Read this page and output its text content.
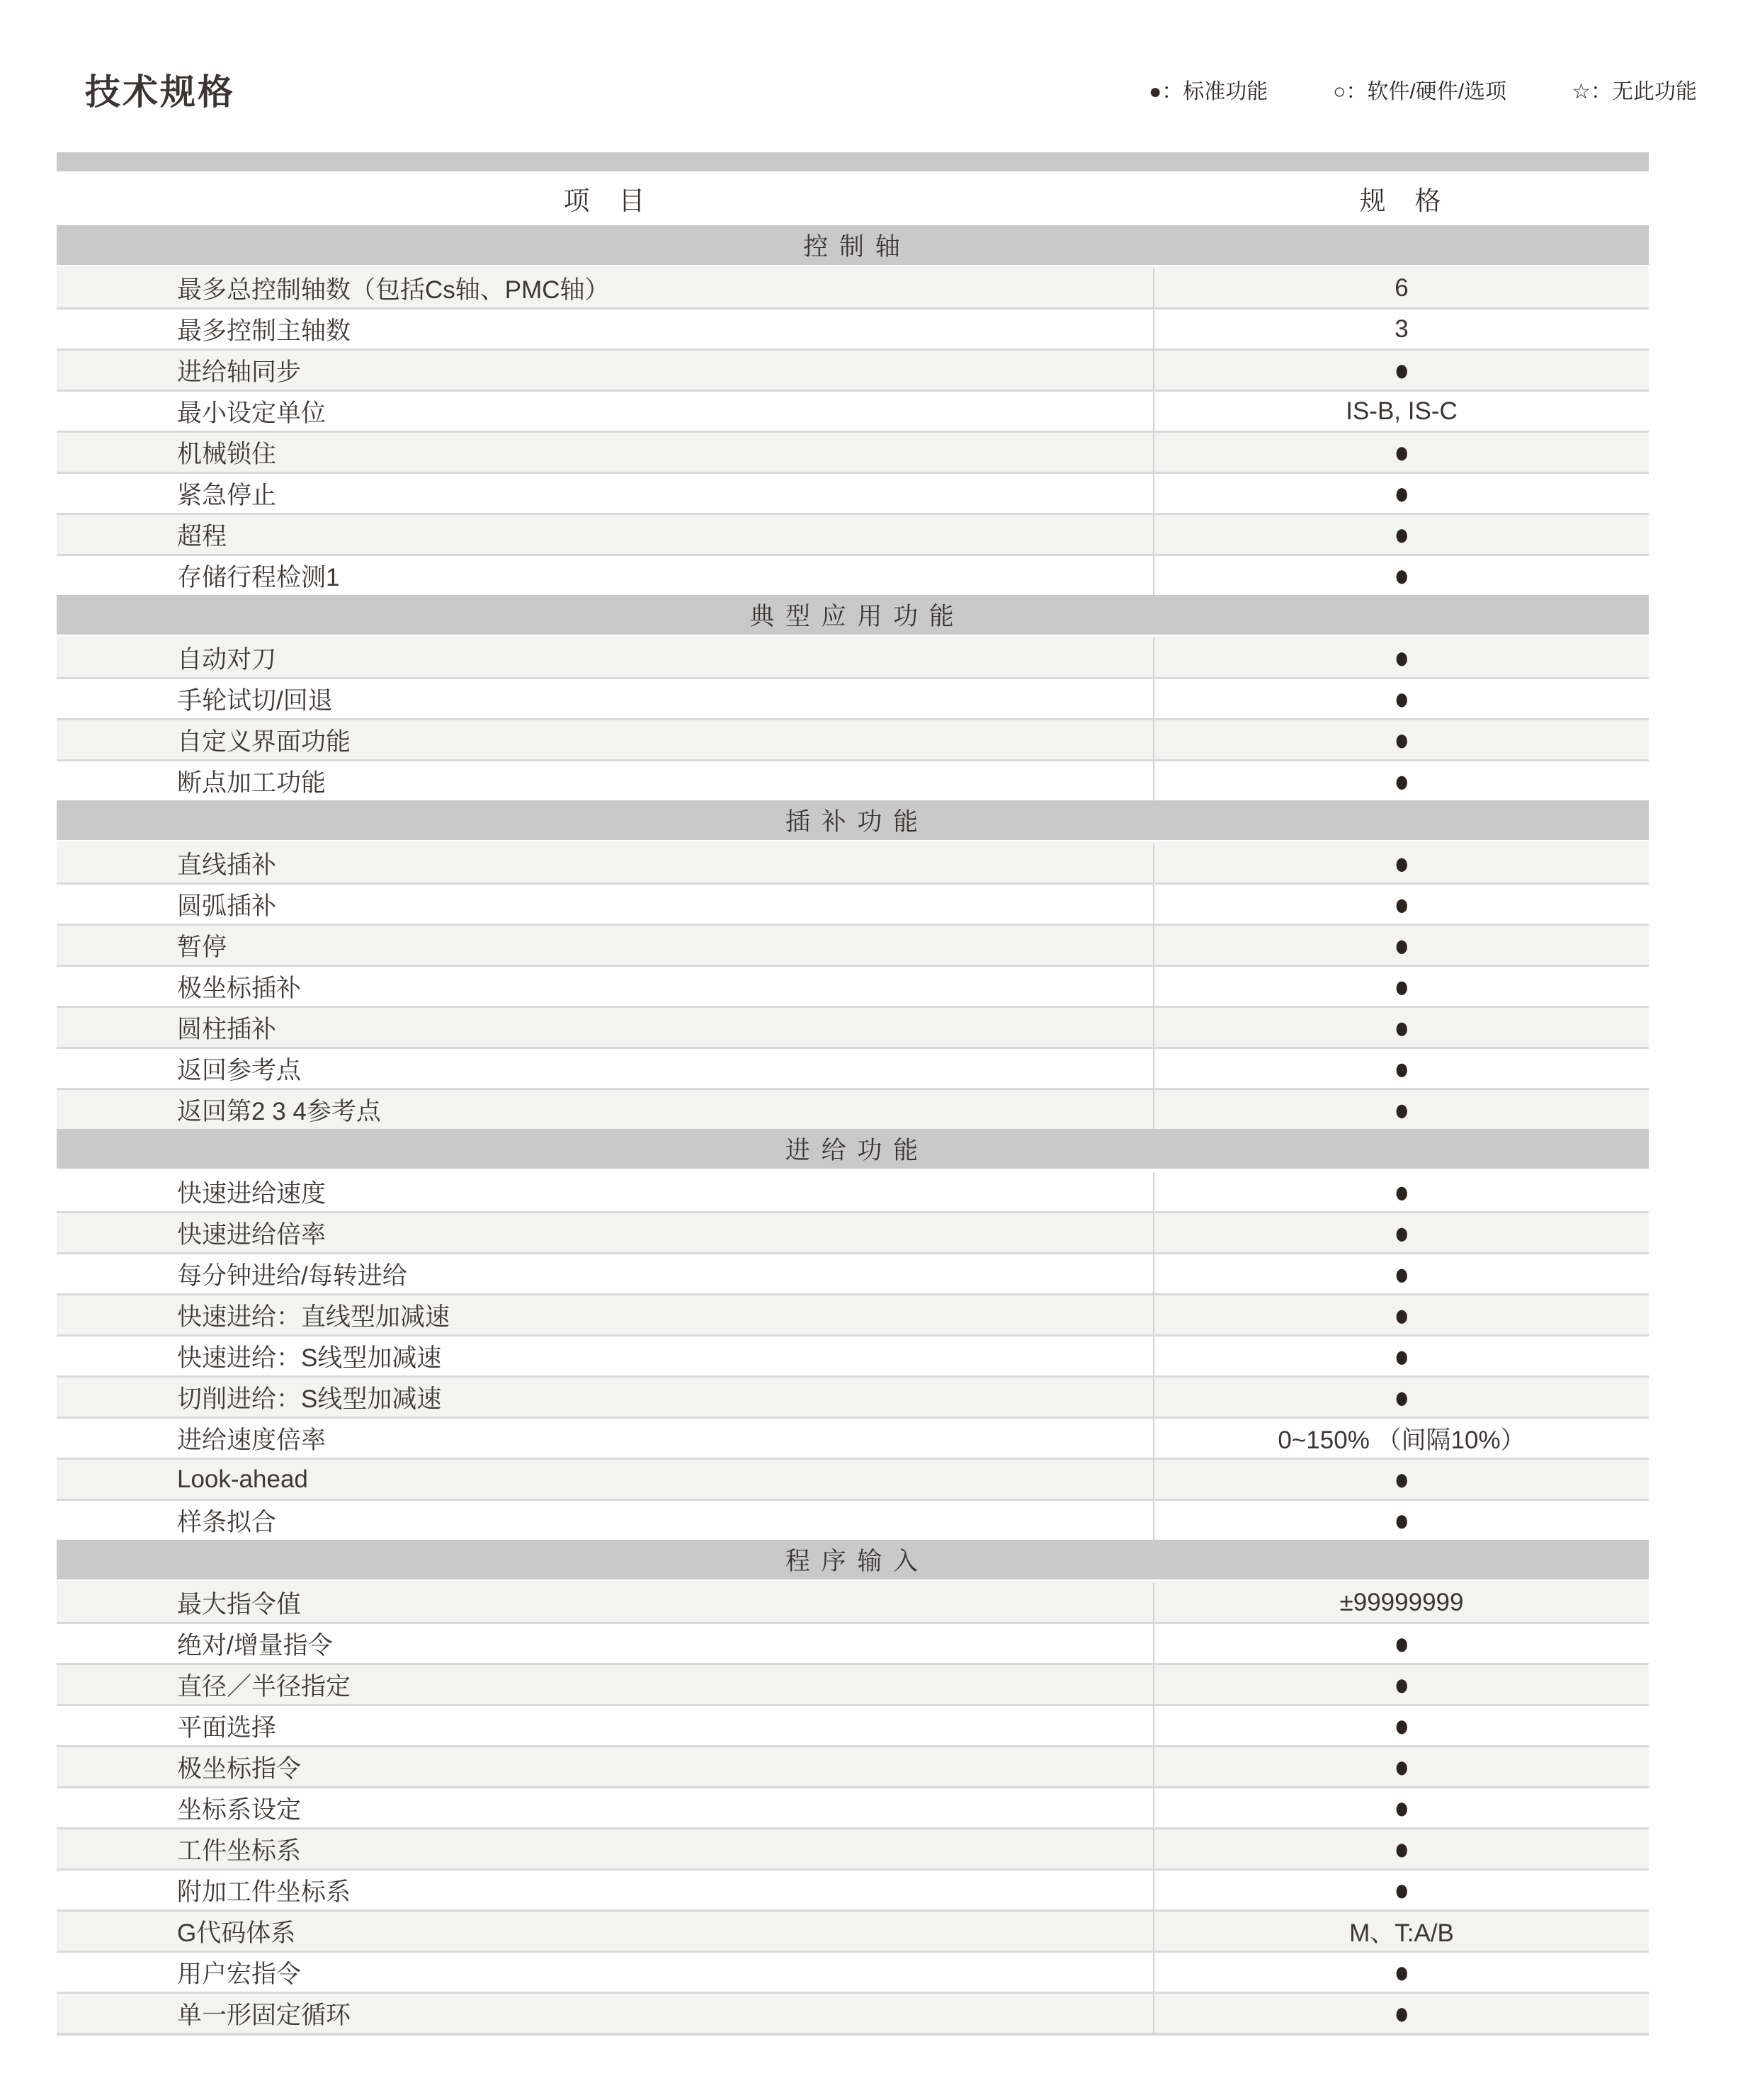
技术规格	●：标准功能	○：软件/硬件/选项	☆：无此功能
项　目	规　格
控 制 轴
最多总控制轴数（包括Cs轴、PMC轴）	6
最多控制主轴数	3
进给轴同步	●
最小设定单位	IS-B, IS-C
机械锁住	●
紧急停止	●
超程	●
存储行程检测1	●
典 型 应 用 功 能
自动对刀	●
手轮试切/回退	●
自定义界面功能	●
断点加工功能	●
插 补 功 能
直线插补	●
圆弧插补	●
暂停	●
极坐标插补	●
圆柱插补	●
返回参考点	●
返回第2 3 4参考点	●
进 给 功 能
快速进给速度	●
快速进给倍率	●
每分钟进给/每转进给	●
快速进给：直线型加减速	●
快速进给：S线型加减速	●
切削进给：S线型加减速	●
进给速度倍率	0~150% （间隔10%）
Look-ahead	●
样条拟合	●
程 序 输 入
最大指令值	±99999999
绝对/增量指令	●
直径／半径指定	●
平面选择	●
极坐标指令	●
坐标系设定	●
工件坐标系	●
附加工件坐标系	●
G代码体系	M、T:A/B
用户宏指令	●
单一形固定循环	●
